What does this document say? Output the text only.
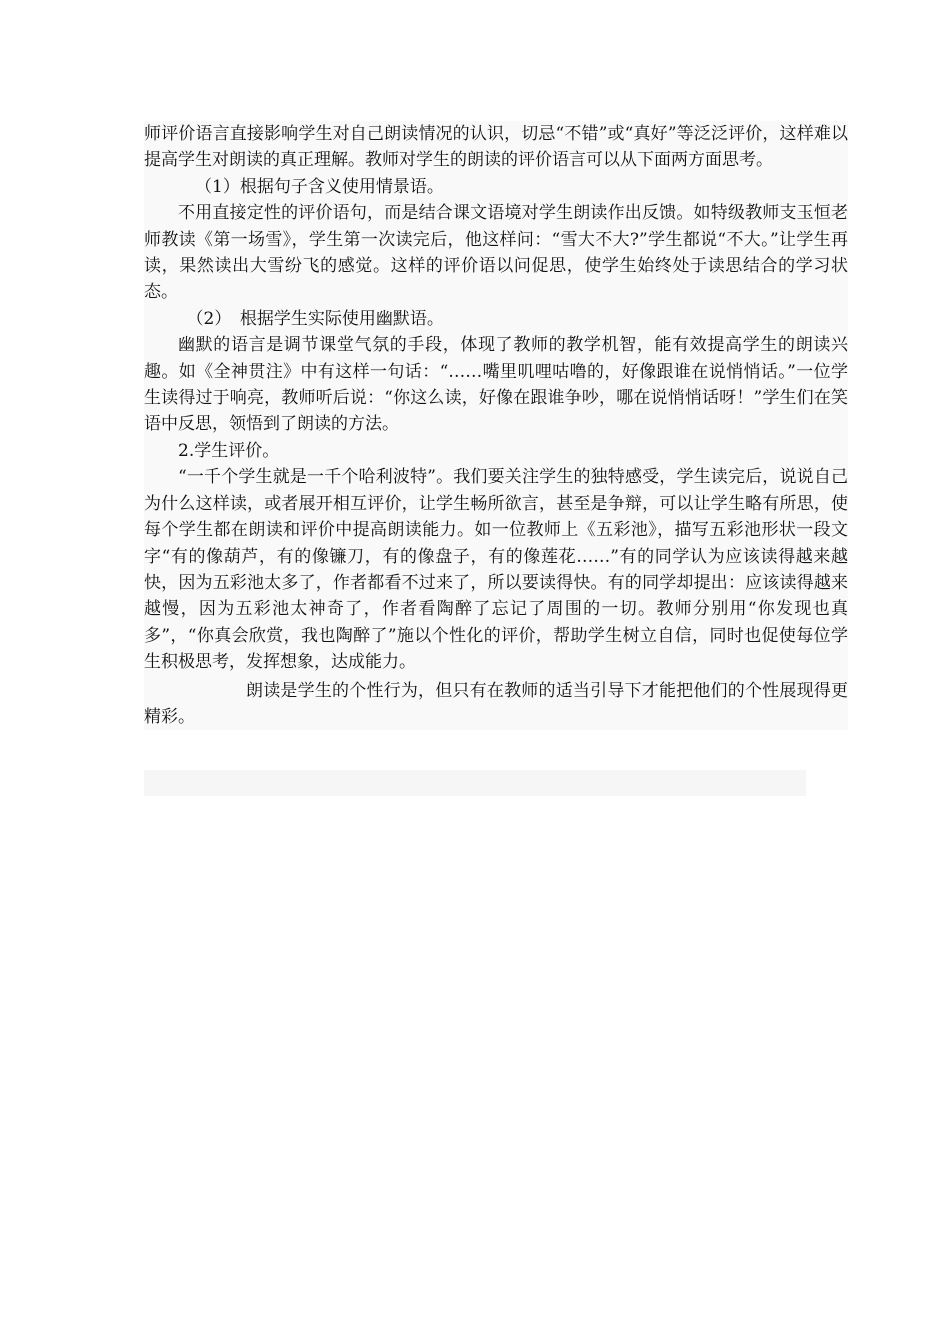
师评价语言直接影响学生对自己朗读情况的认识，切忌“不错”或“真好”等泛泛评价，这样难以提高学生对朗读的真正理解。教师对学生的朗读的评价语言可以从下面两方面思考。

（1）根据句子含义使用情景语。

不用直接定性的评价语句，而是结合课文语境对学生朗读作出反馈。如特级教师支玉恒老师教读《第一场雪》，学生第一次读完后，他这样问：“雪大不大?”学生都说“不大。”让学生再读，果然读出大雪纷飞的感觉。这样的评价语以问促思，使学生始终处于读思结合的学习状态。

（2）　根据学生实际使用幽默语。

幽默的语言是调节课堂气氛的手段，体现了教师的教学机智，能有效提高学生的朗读兴趣。如《全神贯注》中有这样一句话：“……嘴里叽哩咕噜的，好像跟谁在说悄悄话。”一位学生读得过于响亮，教师听后说：“你这么读，好像在跟谁争吵，哪在说悄悄话呀！”学生们在笑语中反思，领悟到了朗读的方法。

2.学生评价。

“一千个学生就是一千个哈利波特”。我们要关注学生的独特感受，学生读完后，说说自己为什么这样读，或者展开相互评价，让学生畅所欲言，甚至是争辩，可以让学生略有所思，使每个学生都在朗读和评价中提高朗读能力。如一位教师上《五彩池》，描写五彩池形状一段文字“有的像葫芦，有的像镰刀，有的像盘子，有的像莲花……”有的同学认为应该读得越来越快，因为五彩池太多了，作者都看不过来了，所以要读得快。有的同学却提出：应该读得越来越慢，因为五彩池太神奇了，作者看陶醉了忘记了周围的一切。教师分别用“你发现也真多”，“你真会欣赏，我也陶醉了”施以个性化的评价，帮助学生树立自信，同时也促使每位学生积极思考，发挥想象，达成能力。

朗读是学生的个性行为，但只有在教师的适当引导下才能把他们的个性展现得更精彩。
